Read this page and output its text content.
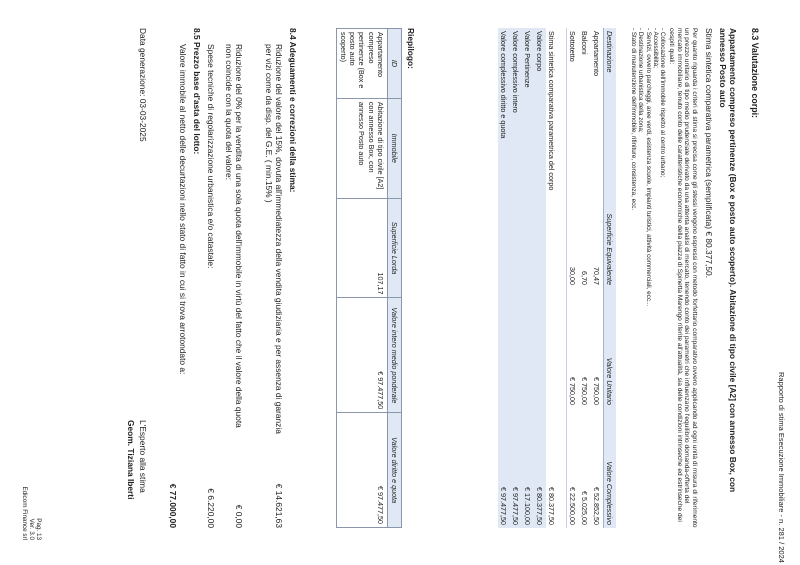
Rapporto di stima Esecuzione Immobiliare - n. 281 / 2024
8.3 Valutazione corpi:
Appartamento compreso pertinenze (Box e posto auto scoperto). Abitazione di tipo civile [A2] con annesso Box, con annesso Posto auto
Stima sintetica comparativa parametrica (semplificata) € 80.377,50.
Per quanto riguarda i criteri di stima si precisa come gli stessi vengono espressi con metodo forfettario comparativo ovvero applicando ad ogni unità di misura di riferimento un prezzo unitario di tipo medio prudenziale derivato da una attenta analisi di mercato, tenendo conto dei parametri che influenzano l'equilibrio domanda-offerta del mercato immobiliare, tenuto conto delle caratteristiche economiche della piazza di Spinetta Marengo riferite all'attualità, sia delle condizioni intrinseche ed estrinseche dei cespiti quali:
- Collocazione dell'immobile rispetto al centro urbano;
- Accessibilità;
- Servizi, ovvero parcheggi, aree verdi, esistenza scuole, impianti turistici, attività commerciali, ecc...
- Destinazione urbanistica della zona;
- Stato di manutenzione dell'immobile, rifiniture, consistenza, ecc.
Destinazione	Superficie Equivalente	Valore Unitario	Valore Complessivo
Appartamento	70,47	€ 750,00	€ 52.852,50
Balconi	6,70	€ 750,00	€ 5.025,00
Sottotetto	30,00	€ 750,00	€ 22.500,00

Stima sintetica comparativa parametrica del corpo			€ 80.377,50
Valore corpo			€ 80.377,50
Valore Pertinenze			€ 17.100,00
Valore complessivo intero			€ 97.477,50
Valore complessivo diritto e quota			€ 97.477,50
Riepilogo:
ID	Immobile	Superficie Lorda	Valore intero medio ponderale	Valore diritto e quota
Appartamento compreso pertinenze (Box e posto auto scoperto)	Abitazione di tipo civile [A2] con annesso Box, con annesso Posto auto	107,17	€ 97.477,50	€ 97.477,50
8.4 Adeguamenti e correzioni della stima:
Riduzione del valore del 15%, dovuta all'immediatezza della vendita giudiziaria e per assenza di garanzia per vizi come da disp. del G.E. ( min.15% )
€ 14.621,63
Riduzione del 0% per la vendita di una sola quota dell'immobile in virtù del fatto che il valore della quota non coincide con la quota del valore:
€ 0,00
Spese tecniche di regolarizzazione urbanistica e/o catastale:
€ 6.220,00
8.5 Prezzo base d'asta del lotto:
Valore immobile al netto delle decurtazioni nello stato di fatto in cui si trova arrotondato a:
€ 77.000,00
Data generazione: 03-03-2025
L'Esperto alla stima
Geom. Tiziana Iberti
Pag. 13
Ver. 3.0
Edicom Finance srl
